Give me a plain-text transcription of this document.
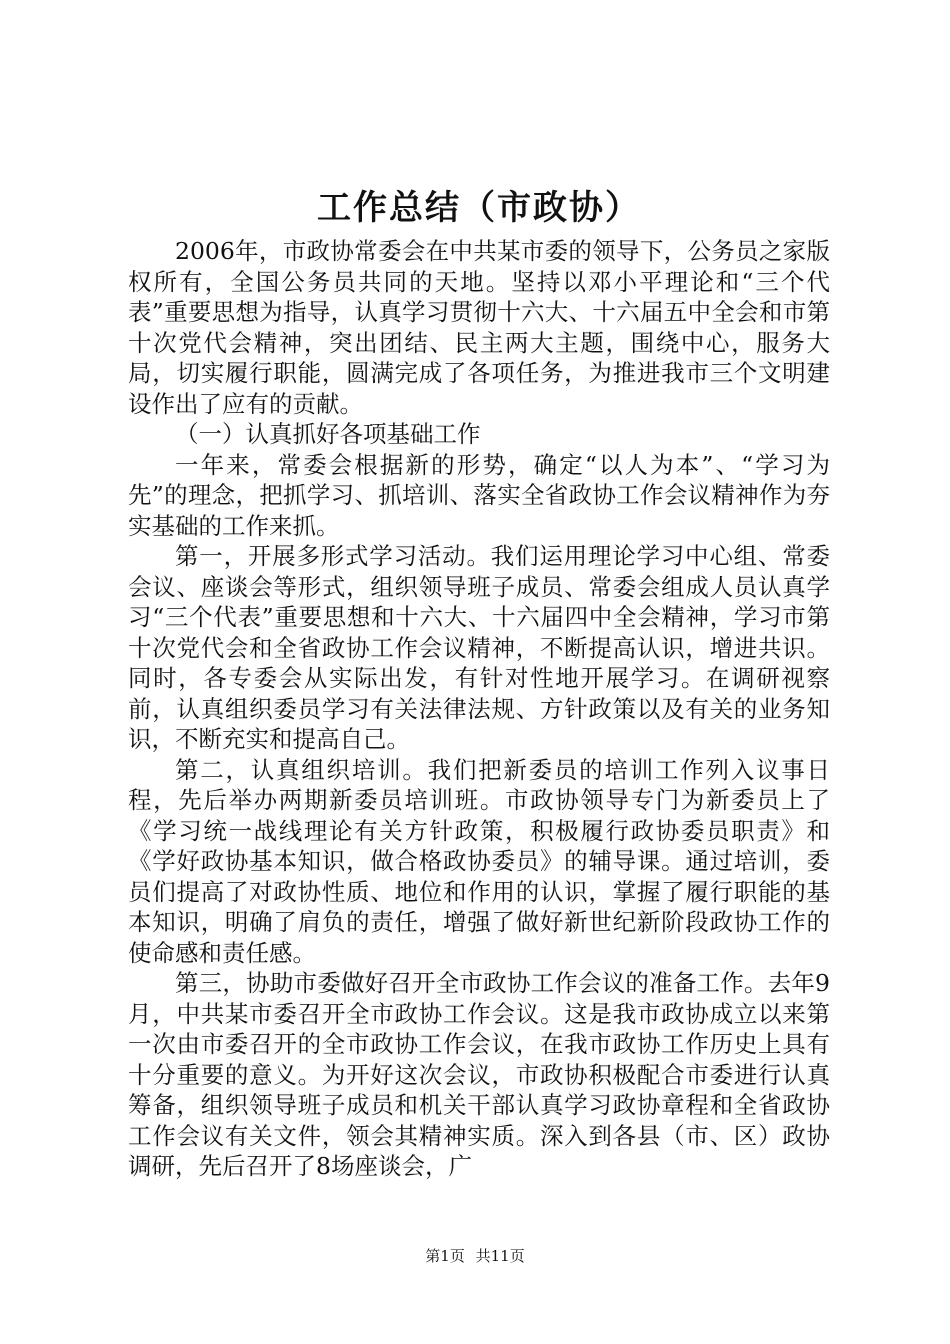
工作总结（市政协）

2006年，市政协常委会在中共某市委的领导下，公务员之家版权所有，全国公务员共同的天地。坚持以邓小平理论和“三个代表”重要思想为指导，认真学习贯彻十六大、十六届五中全会和市第十次党代会精神，突出团结、民主两大主题，围绕中心，服务大局，切实履行职能，圆满完成了各项任务，为推进我市三个文明建设作出了应有的贡献。

（一）认真抓好各项基础工作

一年来，常委会根据新的形势，确定“以人为本”、“学习为先”的理念，把抓学习、抓培训、落实全省政协工作会议精神作为夯实基础的工作来抓。

第一，开展多形式学习活动。我们运用理论学习中心组、常委会议、座谈会等形式，组织领导班子成员、常委会组成人员认真学习“三个代表”重要思想和十六大、十六届四中全会精神，学习市第十次党代会和全省政协工作会议精神，不断提高认识，增进共识。同时，各专委会从实际出发，有针对性地开展学习。在调研视察前，认真组织委员学习有关法律法规、方针政策以及有关的业务知识，不断充实和提高自己。

第二，认真组织培训。我们把新委员的培训工作列入议事日程，先后举办两期新委员培训班。市政协领导专门为新委员上了《学习统一战线理论有关方针政策，积极履行政协委员职责》和《学好政协基本知识，做合格政协委员》的辅导课。通过培训，委员们提高了对政协性质、地位和作用的认识，掌握了履行职能的基本知识，明确了肩负的责任，增强了做好新世纪新阶段政协工作的使命感和责任感。

第三，协助市委做好召开全市政协工作会议的准备工作。去年9月，中共某市委召开全市政协工作会议。这是我市政协成立以来第一次由市委召开的全市政协工作会议，在我市政协工作历史上具有十分重要的意义。为开好这次会议，市政协积极配合市委进行认真筹备，组织领导班子成员和机关干部认真学习政协章程和全省政协工作会议有关文件，领会其精神实质。深入到各县（市、区）政协调研，先后召开了8场座谈会，广

第1页 共11页
